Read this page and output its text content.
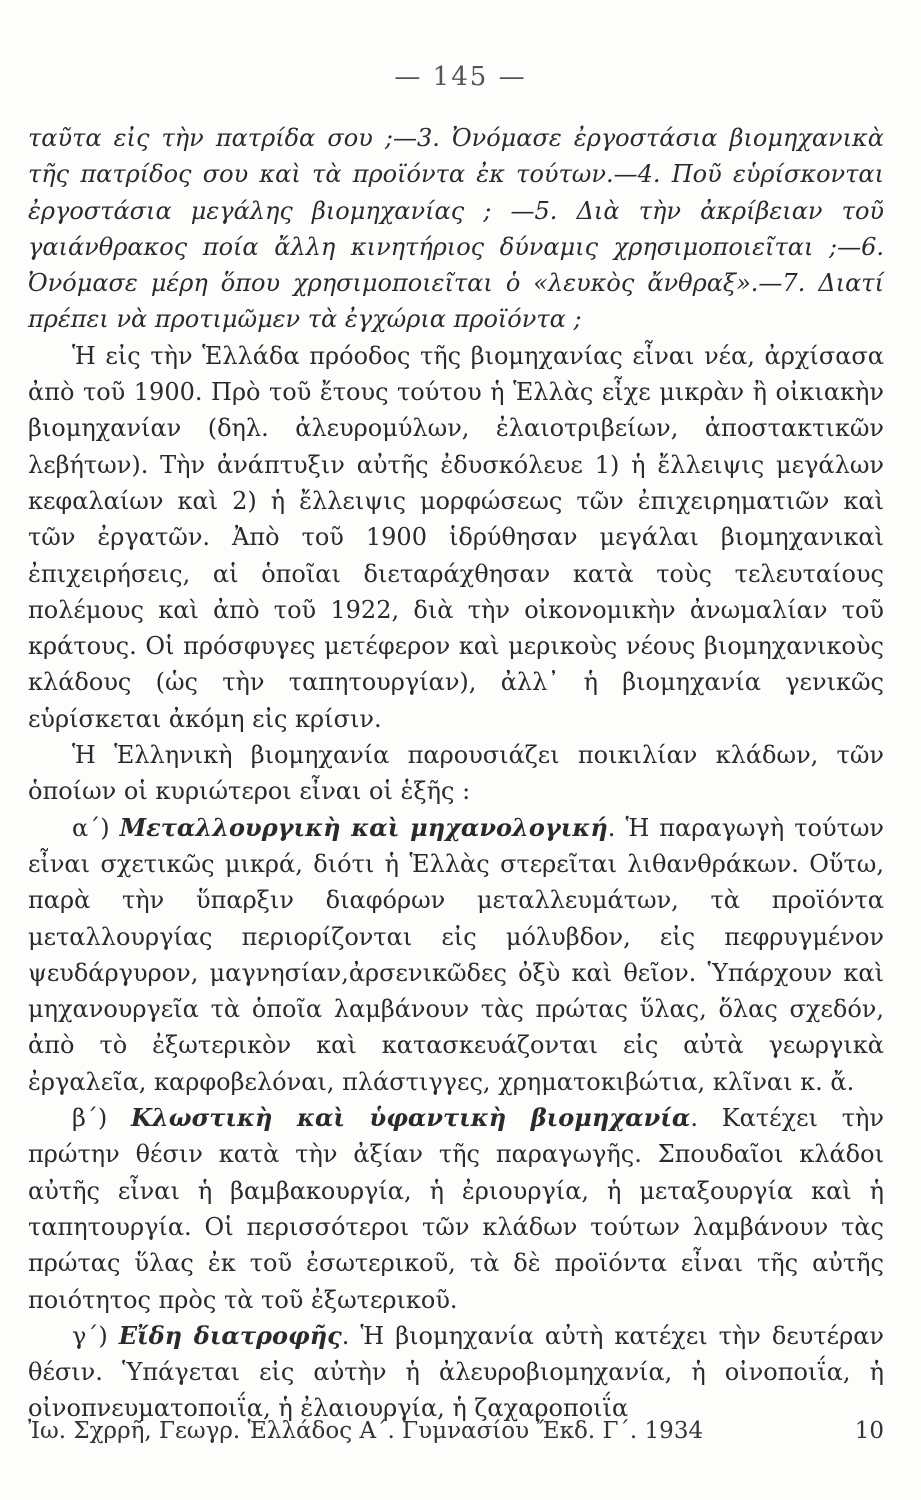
— 145 —

ταῦτα εἰς τὴν πατρίδα σου ;—3. Ὀνόμασε ἐργοστάσια βιομηχανικὰ τῆς πατρίδος σου καὶ τὰ προϊόντα ἐκ τούτων.—4. Ποῦ εὑρίσκονται ἐργοστάσια μεγάλης βιομηχανίας ; —5. Διὰ τὴν ἀκρίβειαν τοῦ γαιάνθρακος ποία ἄλλη κινητήριος δύναμις χρησιμοποιεῖται ;—6. Ὀνόμασε μέρη ὅπου χρησιμοποιεῖται ὁ «λευκὸς ἄνθραξ».—7. Διατί πρέπει νὰ προτιμῶμεν τὰ ἐγχώρια προϊόντα ;

Ἡ εἰς τὴν Ἑλλάδα πρόοδος τῆς βιομηχανίας εἶναι νέα, ἀρχίσασα ἀπὸ τοῦ 1900. Πρὸ τοῦ ἔτους τούτου ἡ Ἑλλὰς εἶχε μικρὰν ἢ οἰκιακὴν βιομηχανίαν (δηλ. ἀλευρομύλων, ἐλαιοτριβείων, ἀποστακτικῶν λεβήτων). Τὴν ἀνάπτυξιν αὐτῆς ἐδυσκόλευε 1) ἡ ἔλλειψις μεγάλων κεφαλαίων καὶ 2) ἡ ἔλλειψις μορφώσεως τῶν ἐπιχειρηματιῶν καὶ τῶν ἐργατῶν. Ἀπὸ τοῦ 1900 ἱδρύθησαν μεγάλαι βιομηχανικαὶ ἐπιχειρήσεις, αἱ ὁποῖαι διεταράχθησαν κατὰ τοὺς τελευταίους πολέμους καὶ ἀπὸ τοῦ 1922, διὰ τὴν οἰκονομικὴν ἀνωμαλίαν τοῦ κράτους. Οἱ πρόσφυγες μετέφερον καὶ μερικοὺς νέους βιομηχανικοὺς κλάδους (ὡς τὴν ταπητουργίαν), ἀλλ᾽ ἡ βιομηχανία γενικῶς εὑρίσκεται ἀκόμη εἰς κρίσιν.

Ἡ Ἑλληνικὴ βιομηχανία παρουσιάζει ποικιλίαν κλάδων, τῶν ὁποίων οἱ κυριώτεροι εἶναι οἱ ἑξῆς :

α΄) Μεταλλουργικὴ καὶ μηχανολογική. Ἡ παραγωγὴ τούτων εἶναι σχετικῶς μικρά, διότι ἡ Ἑλλὰς στερεῖται λιθανθράκων. Οὕτω, παρὰ τὴν ὕπαρξιν διαφόρων μεταλλευμάτων, τὰ προϊόντα μεταλλουργίας περιορίζονται εἰς μόλυβδον, εἰς πεφρυγμένον ψευδάργυρον, μαγνησίαν,ἀρσενικῶδες ὀξὺ καὶ θεῖον. Ὑπάρχουν καὶ μηχανουργεῖα τὰ ὁποῖα λαμβάνουν τὰς πρώτας ὕλας, ὅλας σχεδόν, ἀπὸ τὸ ἐξωτερικὸν καὶ κατασκευάζονται εἰς αὐτὰ γεωργικὰ ἐργαλεῖα, καρφοβελόναι, πλάστιγγες, χρηματοκιβώτια, κλῖναι κ. ἄ.

β΄) Κλωστικὴ καὶ ὑφαντικὴ βιομηχανία. Κατέχει τὴν πρώτην θέσιν κατὰ τὴν ἀξίαν τῆς παραγωγῆς. Σπουδαῖοι κλάδοι αὐτῆς εἶναι ἡ βαμβακουργία, ἡ ἐριουργία, ἡ μεταξουργία καὶ ἡ ταπητουργία. Οἱ περισσότεροι τῶν κλάδων τούτων λαμβάνουν τὰς πρώτας ὕλας ἐκ τοῦ ἐσωτερικοῦ, τὰ δὲ προϊόντα εἶναι τῆς αὐτῆς ποιότητος πρὸς τὰ τοῦ ἐξωτερικοῦ.

γ΄) Εἴδη διατροφῆς. Ἡ βιομηχανία αὐτὴ κατέχει τὴν δευτέραν θέσιν. Ὑπάγεται εἰς αὐτὴν ἡ ἀλευροβιομηχανία, ἡ οἰνοποιΐα, ἡ οἰνοπνευματοποιΐα, ἡ ἐλαιουργία, ἡ ζαχαροποιΐα

Ἰω. Σχρρῆ, Γεωγρ. Ἑλλάδος Α΄. Γυμνασίου Ἔκδ. Γ΄. 1934	10
